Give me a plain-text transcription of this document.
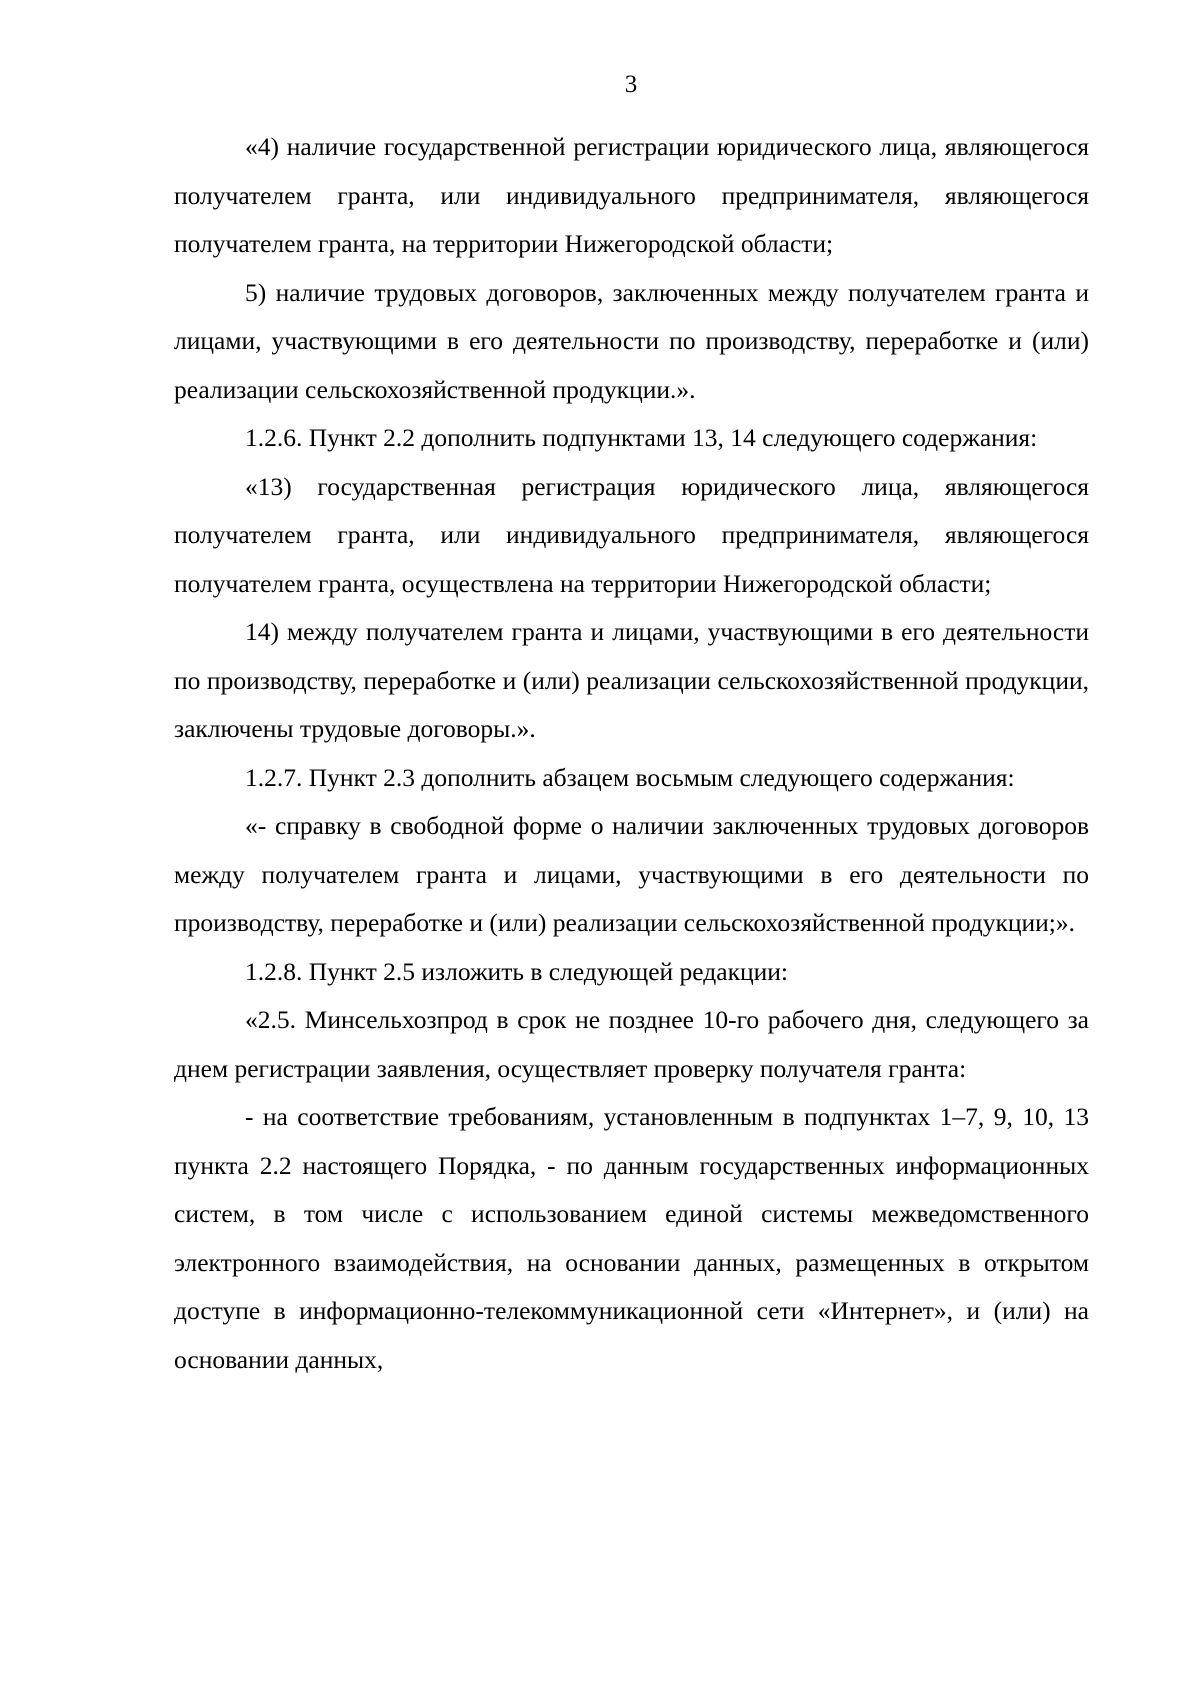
3

«4) наличие государственной регистрации юридического лица, являющегося получателем гранта, или индивидуального предпринимателя, являющегося получателем гранта, на территории Нижегородской области;

5) наличие трудовых договоров, заключенных между получателем гранта и лицами, участвующими в его деятельности по производству, переработке и (или) реализации сельскохозяйственной продукции.».

1.2.6. Пункт 2.2 дополнить подпунктами 13, 14 следующего содержания:

«13) государственная регистрация юридического лица, являющегося получателем гранта, или индивидуального предпринимателя, являющегося получателем гранта, осуществлена на территории Нижегородской области;

14) между получателем гранта и лицами, участвующими в его деятельности по производству, переработке и (или) реализации сельскохозяйственной продукции, заключены трудовые договоры.».

1.2.7. Пункт 2.3 дополнить абзацем восьмым следующего содержания:

«- справку в свободной форме о наличии заключенных трудовых договоров между получателем гранта и лицами, участвующими в его деятельности по производству, переработке и (или) реализации сельскохозяйственной продукции;».

1.2.8. Пункт 2.5 изложить в следующей редакции:

«2.5. Минсельхозпрод в срок не позднее 10-го рабочего дня, следующего за днем регистрации заявления, осуществляет проверку получателя гранта:

- на соответствие требованиям, установленным в подпунктах 1–7, 9, 10, 13 пункта 2.2 настоящего Порядка, - по данным государственных информационных систем, в том числе с использованием единой системы межведомственного электронного взаимодействия, на основании данных, размещенных в открытом доступе в информационно-телекоммуникационной сети «Интернет», и (или) на основании данных,
